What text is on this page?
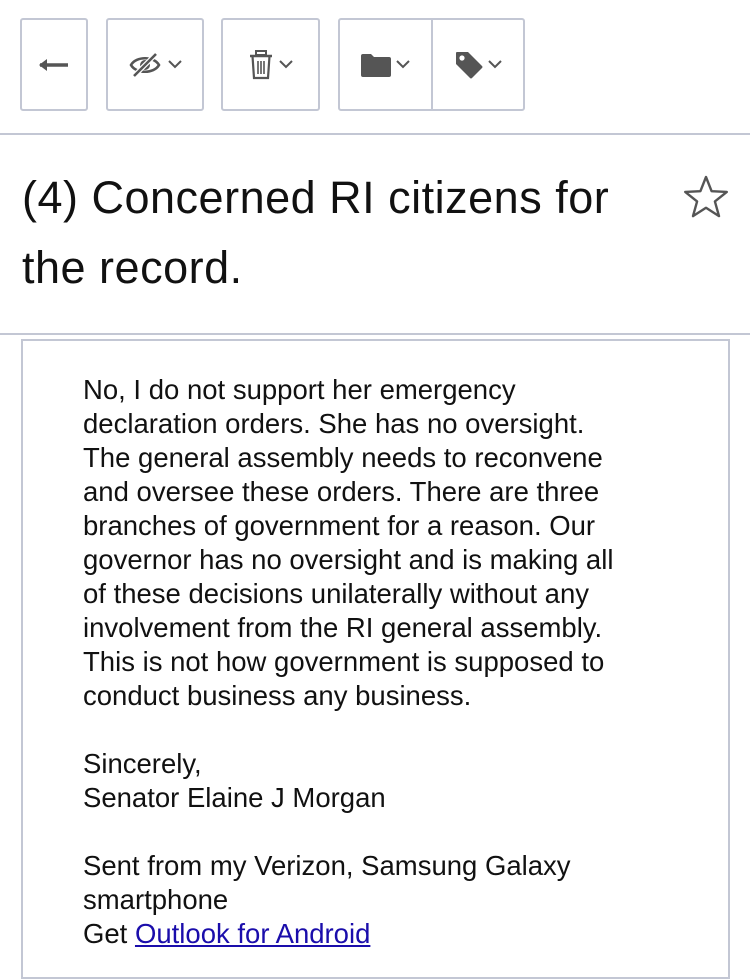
(4) Concerned RI citizens for the record.

No, I do not support her emergency

declaration orders. She has no oversight.

The general assembly needs to reconvene

and oversee these orders. There are three

branches of government for a reason. Our

governor has no oversight and is making all

of these decisions unilaterally without any

involvement from the RI general assembly.

This is not how government is supposed to

conduct business any business.

Sincerely,

Senator Elaine J Morgan

Sent from my Verizon, Samsung Galaxy

smartphone

Get Outlook for Android
